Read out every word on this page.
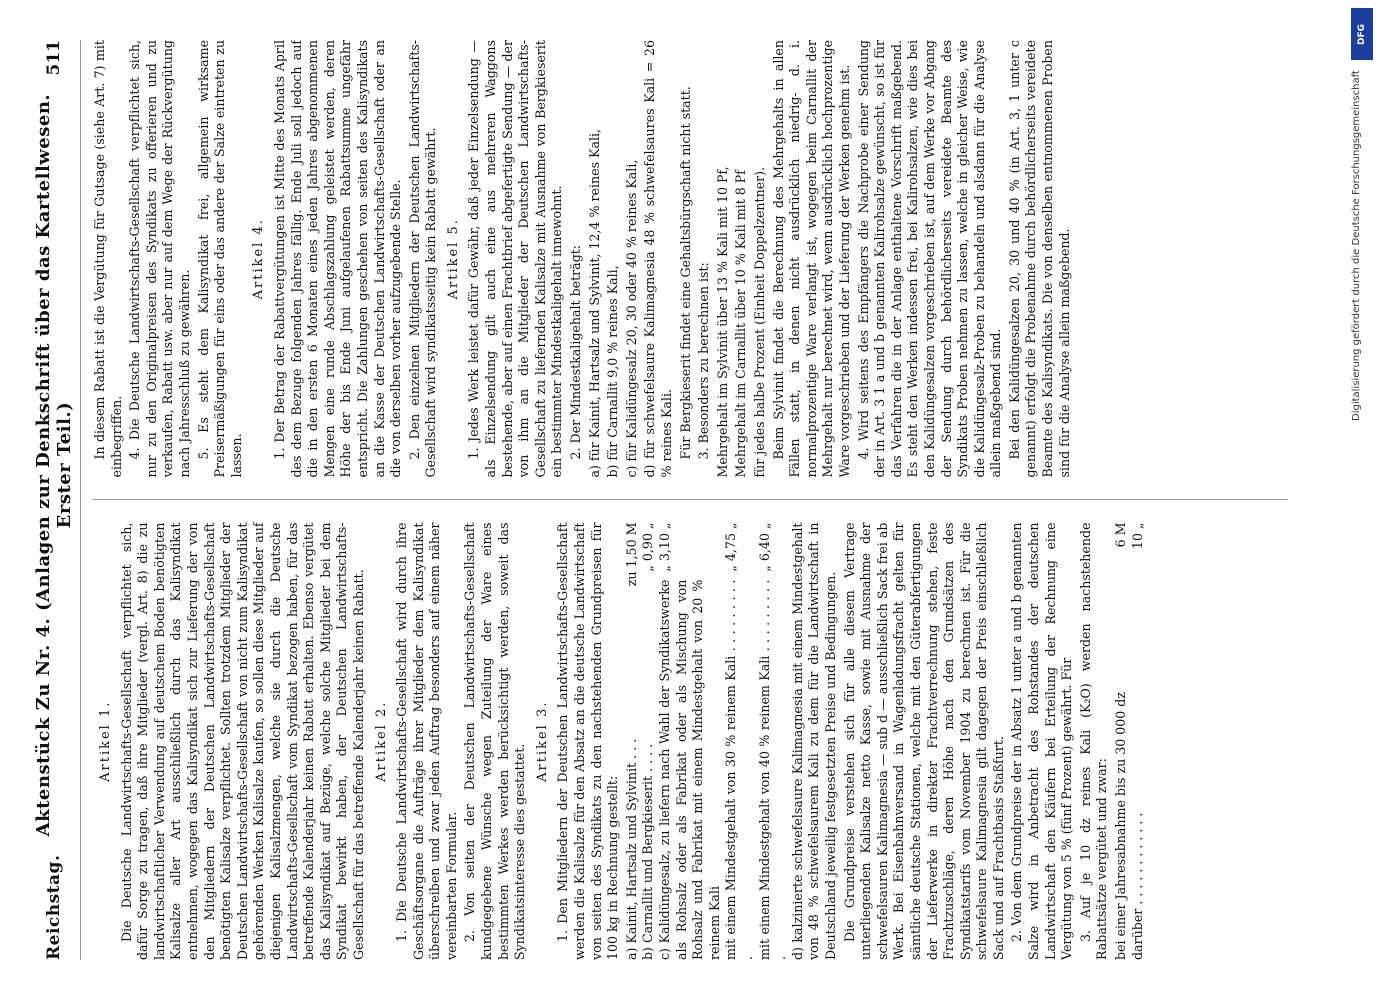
Reichstag.
Aktenstück Zu Nr. 4. (Anlagen zur Denkschrift über das Kartellwesen. Erster Teil.)
511
Artikel 1. Die Deutsche Landwirtschafts-Gesellschaft verpflichtet sich, dafür Sorge zu tragen, daß ihre Mitglieder (vergl. Art. 8) die zu landwirtschaftlicher Verwendung auf deutschem Boden benötigten Kalisalze aller Art ausschließlich durch das Kalisyndikat entnehmen, wogegen das Kalisyndikat sich zur Lieferung der von den Mitgliedern der Deutschen Landwirtschafts-Gesellschaft benötigten Kalisalze verpflichtet. Sollten trotzdem Mitglieder der Deutschen Landwirtschafts-Gesellschaft von nicht zum Kalisyndikat gehörenden Werken Kalisalze kaufen, so sollen diese Mitglieder auf diejenigen Kalisalzmengen, welche sie durch die Deutsche Landwirtschafts-Gesellschaft vom Syndikat bezogen haben, für das betreffende Kalenderjahr keinen Rabatt erhalten. Ebenso vergütet das Kalisyndikat auf Bezüge, welche solche Mitglieder bei dem Syndikat bewirkt haben, der Deutschen Landwirtschafts-Gesellschaft für das betreffende Kalenderjahr keinen Rabatt. Artikel 2. 1. Die Deutsche Landwirtschafts-Gesellschaft wird durch ihre Geschäftsorgane die Aufträge ihrer Mitglieder dem Kalisyndikat überschreiben und zwar jeden Auftrag besonders auf einem näher vereinbarten Formular. 2. Von seiten der Deutschen Landwirtschafts-Gesellschaft kundgegebene Wünsche wegen Zuteilung der Ware eines bestimmten Werkes werden berücksichtigt werden, soweit das Syndikatsinteresse dies gestattet.

Artikel 3. 1. Den Mitgliedern der Deutschen Landwirtschafts-Gesellschaft werden die Kalisalze für den Absatz an die deutsche Landwirtschaft von seiten des Syndikats zu den nachstehenden Grundpreisen für 100 kg in Rechnung gestellt: a) Kainit, Hartsalz und Sylvinit . . .
zu 1,50 M
b) Carnallit und Bergkieserit . . . .
„ 0,90 „
c) Kalidüngesalz, zu liefern nach Wahl der Syndikatswerke als Rohsalz oder als Fabrikat oder als Mischung von Rohsalz und Fabrikat mit einem Mindestgehalt von 20 % reinem Kali
„ 3,10 „
mit einem Mindestgehalt von 30 % reinem Kali . . . . . . . . . .
„ 4,75 „
mit einem Mindestgehalt von 40 % reinem Kali . . . . . . . . . .
„ 6,40 „	d) kalzinierte schwefelsaure Kalimagnesia mit einem Mindestgehalt von 48 % schwefelsaurem Kali zu dem für die Landwirtschaft in Deutschland jeweilig festgesetzten Preise und Bedingungen. Die Grundpreise verstehen sich für alle diesem Vertrage unterliegenden Kalisalze netto Kasse, sowie mit Ausnahme der schwefelsauren Kalimagnesia — sub d — ausschließlich Sack frei ab Werk. Bei Eisenbahnversand in Wagenladungsfracht gelten für sämtliche deutsche Stationen, welche mit den Güterabfertigungen der Lieferwerke in direkter Frachtverrechnung stehen, feste Frachtzuschläge, deren Höhe nach den Grundsätzen des Syndikatstarifs vom November 1904 zu berechnen ist. Für die schwefelsaure Kalimagnesia gilt dagegen der Preis einschließlich Sack und auf Frachtbasis Staßfurt. 2. Von dem Grundpreise der in Absatz 1 unter a und b genannten Salze wird in Anbetracht des Rohstandes der deutschen Landwirtschaft den Käufern bei Erteilung der Rechnung eine Vergütung von 5 % (fünf Prozent) gewährt. Für 3. Auf je 10 dz reines Kali (K₂O) werden nachstehende Rabattsätze vergütet und zwar: bei einer Jahresabnahme bis zu 30 000 dz
6 M
darüber . . . . . . . . . . . .
10 „

In diesem Rabatt ist die Vergütung für Gutsage (siehe Art. 7) mit einbegriffen. 4. Die Deutsche Landwirtschafts-Gesellschaft verpflichtet sich, nur zu den Originalpreisen des Syndikats zu offerieren und zu verkaufen, Rabatt usw. aber nur auf dem Wege der Rückvergütung nach Jahresschluß zu gewähren. 5. Es steht dem Kalisyndikat frei, allgemein wirksame Preisermäßigungen für eins oder das andere der Salze eintreten zu lassen.

Artikel 4. 1. Der Betrag der Rabattvergütungen ist Mitte des Monats April des dem Bezuge folgenden Jahres fällig. Ende Juli soll jedoch auf die in den ersten 6 Monaten eines jeden Jahres abgenommenen Mengen eine runde Abschlagszahlung geleistet werden, deren Höhe der bis Ende Juni aufgelaufenen Rabattsumme ungefähr entspricht. Die Zahlungen geschehen von seiten des Kalisyndikats an die Kasse der Deutschen Landwirtschafts-Gesellschaft oder an die von derselben vorher aufzugebende Stelle. 2. Den einzelnen Mitgliedern der Deutschen Landwirtschafts-Gesellschaft wird syndikatsseitig kein Rabatt gewährt. Artikel 5. 1. Jedes Werk leistet dafür Gewähr, daß jeder Einzelsendung — als Einzelsendung gilt auch eine aus mehreren Waggons bestehende, aber auf einen Frachtbrief abgefertigte Sendung — der von ihm an die Mitglieder der Deutschen Landwirtschafts-Gesellschaft zu liefernden Kalisalze mit Ausnahme von Bergkieserit ein bestimmter Mindestkaligehalt innewohnt. 2. Der Mindestkaligehalt beträgt: a) für Kainit, Hartsalz und Sylvinit, 12,4 % reines Kali, b) für Carnallit 9,0 % reines Kali, c) für Kalidüngesalz 20, 30 oder 40 % reines Kali, d) für schwefelsaure Kalimagnesia 48 % schwefelsaures Kali = 26 % reines Kali. Für Bergkieserit findet eine Gehaltsbürgschaft nicht statt. 3. Besonders zu berechnen ist: Mehrgehalt im Sylvinit über 13 % Kali mit 10 Pf, Mehrgehalt im Carnallit über 10 % Kali mit 8 Pf für jedes halbe Prozent (Einheit Doppelzentner). Beim Sylvinit findet die Berechnung des Mehrgehalts in allen Fällen statt, in denen nicht ausdrücklich niedrig- d. i. normalprozentige Ware verlangt ist, wogegen beim Carnallit der Mehrgehalt nur berechnet wird, wenn ausdrücklich hochprozentige Ware vorgeschrieben und der Lieferung der Werken genehm ist. 4. Wird seitens des Empfängers die Nachprobe einer Sendung der in Art. 3 1 a und b genannten Kalirohsalze gewünscht, so ist für das Verfahren die in der Anlage enthaltene Vorschrift maßgebend. Es steht den Werken indessen frei, bei Kalirohsalzen, wie dies bei den Kalidüngesalzen vorgeschrieben ist, auf dem Werke vor Abgang der Sendung durch behördlicherseits vereidete Beamte des Syndikats Proben nehmen zu lassen, welche in gleicher Weise, wie die Kalidüngesalz-Proben zu behandeln und alsdann für die Analyse allein maßgebend sind. Bei den Kalidüngesalzen 20, 30 und 40 % (in Art. 3, 1 unter c genannt) erfolgt die Probenahme durch behördlicherseits vereidete Beamte des Kalisyndikats. Die von denselben entnommenen Proben sind für die Analyse allein maßgebend.

DFG
Digitalisierung gefördert durch die Deutsche Forschungsgemeinschaft
